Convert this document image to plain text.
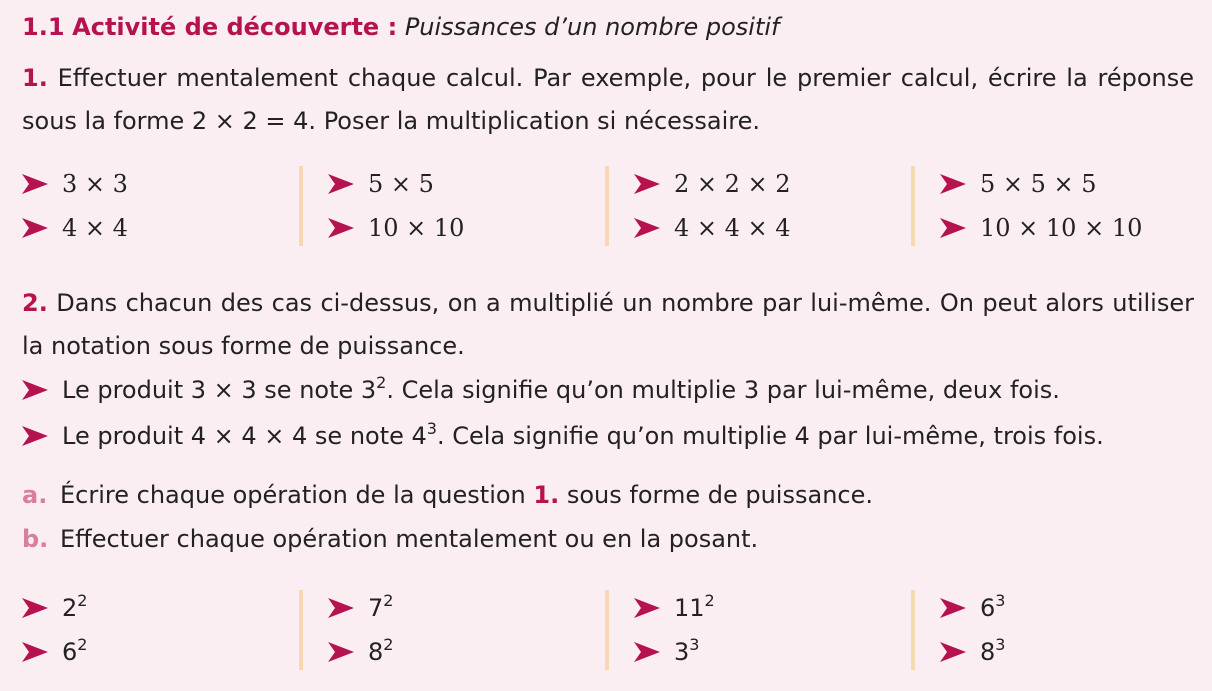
1.1 Activité de découverte : Puissances d’un nombre positif
1. Effectuer mentalement chaque calcul. Par exemple, pour le premier calcul, écrire la réponse sous la forme 2 × 2 = 4. Poser la multiplication si nécessaire.
3 × 3
4 × 4
5 × 5
10 × 10
2 × 2 × 2
4 × 4 × 4
5 × 5 × 5
10 × 10 × 10
2. Dans chacun des cas ci-dessus, on a multiplié un nombre par lui-même. On peut alors utiliser la notation sous forme de puissance.
Le produit 3 × 3 se note $3^2$. Cela signifie qu’on multiplie 3 par lui-même, deux fois.
Le produit 4 × 4 × 4 se note $4^3$. Cela signifie qu’on multiplie 4 par lui-même, trois fois.
a. Écrire chaque opération de la question 1. sous forme de puissance.
b. Effectuer chaque opération mentalement ou en la posant.
$2^2$
$6^2$
$7^2$
$8^2$
$11^2$
$3^3$
$6^3$
$8^3$
